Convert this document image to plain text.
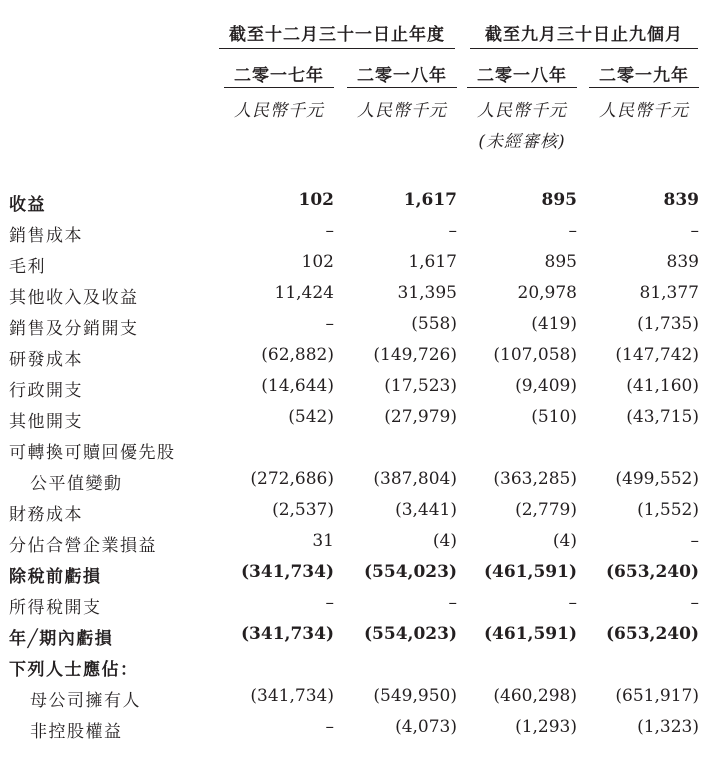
截至十二月三十一日止年度	截至九月三十日止九個月
二零一七年	二零一八年	二零一八年	二零一九年
人民幣千元	人民幣千元	人民幣千元	人民幣千元
(未經審核)
收益	102	1,617	895	839
銷售成本	–	–	–	–
毛利	102	1,617	895	839
其他收入及收益	11,424	31,395	20,978	81,377
銷售及分銷開支	–	(558)	(419)	(1,735)
研發成本	(62,882)	(149,726)	(107,058)	(147,742)
行政開支	(14,644)	(17,523)	(9,409)	(41,160)
其他開支	(542)	(27,979)	(510)	(43,715)
可轉換可贖回優先股
公平值變動	(272,686)	(387,804)	(363,285)	(499,552)
財務成本	(2,537)	(3,441)	(2,779)	(1,552)
分佔合營企業損益	31	(4)	(4)	–
除稅前虧損	(341,734)	(554,023)	(461,591)	(653,240)
所得稅開支	–	–	–	–
年╱期內虧損	(341,734)	(554,023)	(461,591)	(653,240)
下列人士應佔：
母公司擁有人	(341,734)	(549,950)	(460,298)	(651,917)
非控股權益	–	(4,073)	(1,293)	(1,323)
